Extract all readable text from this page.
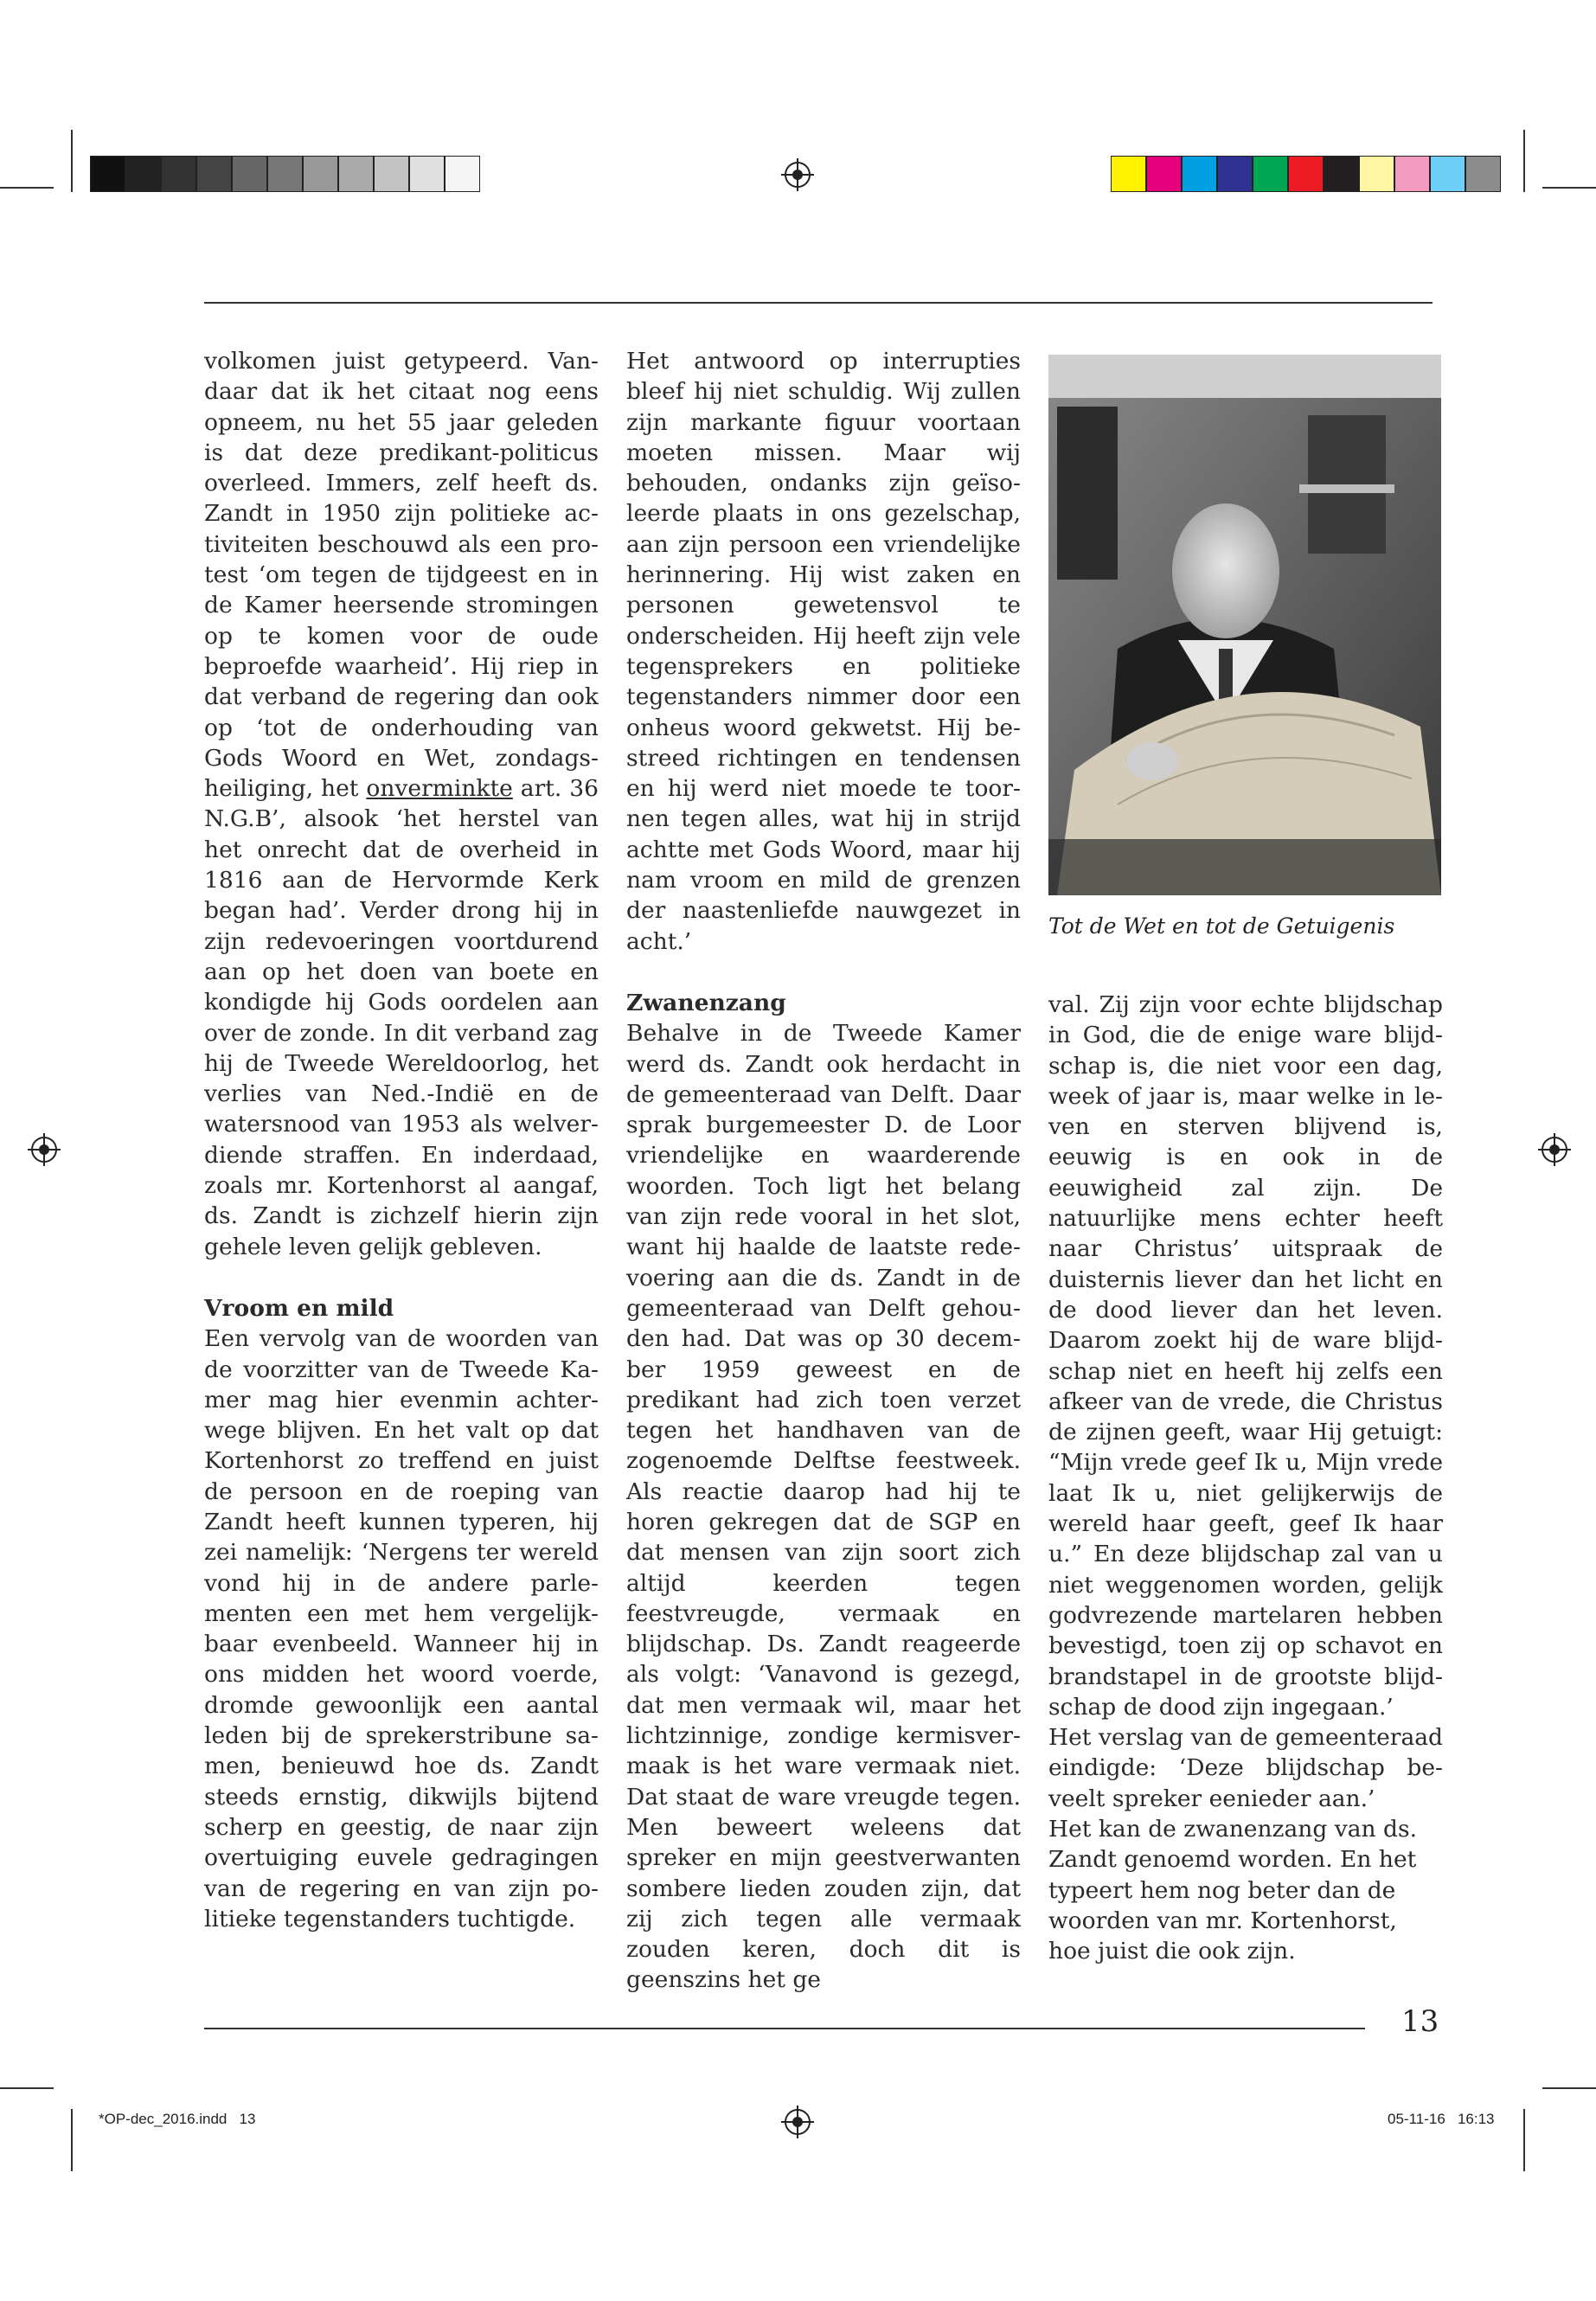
volkomen juist getypeerd. Vandaar dat ik het citaat nog eens opneem, nu het 55 jaar geleden is dat deze predikant-politicus overleed. Immers, zelf heeft ds. Zandt in 1950 zijn politieke activiteiten beschouwd als een protest ‘om tegen de tijdgeest en in de Kamer heersende stromingen op te komen voor de oude beproefde waarheid’. Hij riep in dat verband de regering dan ook op ‘tot de onderhouding van Gods Woord en Wet, zondagsheiliging, het onverminkte art. 36 N.G.B’, alsook ‘het herstel van het onrecht dat de overheid in 1816 aan de Hervormde Kerk began had’. Verder drong hij in zijn redevoeringen voortdurend aan op het doen van boete en kondigde hij Gods oordelen aan over de zonde. In dit verband zag hij de Tweede Wereldoorlog, het verlies van Ned.-Indië en de watersnood van 1953 als welverdiende straffen. En inderdaad, zoals mr. Kortenhorst al aangaf, ds. Zandt is zichzelf hierin zijn gehele leven gelijk gebleven.

Vroom en mild

Een vervolg van de woorden van de voorzitter van de Tweede Kamer mag hier evenmin achterwege blijven. En het valt op dat Kortenhorst zo treffend en juist de persoon en de roeping van Zandt heeft kunnen typeren, hij zei namelijk: ‘Nergens ter wereld vond hij in de andere parlementen een met hem vergelijkbaar evenbeeld. Wanneer hij in ons midden het woord voerde, dromde gewoonlijk een aantal leden bij de sprekerstribune samen, benieuwd hoe ds. Zandt steeds ernstig, dikwijls bijtend scherp en geestig, de naar zijn overtuiging euvele gedragingen van de regering en van zijn politieke tegenstanders tuchtigde.

Het antwoord op interrupties bleef hij niet schuldig. Wij zullen zijn markante figuur voortaan moeten missen. Maar wij behouden, ondanks zijn geïsoleerde plaats in ons gezelschap, aan zijn persoon een vriendelijke herinnering. Hij wist zaken en personen gewetensvol te onderscheiden. Hij heeft zijn vele tegensprekers en politieke tegenstanders nimmer door een onheus woord gekwetst. Hij bestreed richtingen en tendensen en hij werd niet moede te toornen tegen alles, wat hij in strijd achtte met Gods Woord, maar hij nam vroom en mild de grenzen der naastenliefde nauwgezet in acht.’

Zwanenzang

Behalve in de Tweede Kamer werd ds. Zandt ook herdacht in de gemeenteraad van Delft. Daar sprak burgemeester D. de Loor vriendelijke en waarderende woorden. Toch ligt het belang van zijn rede vooral in het slot, want hij haalde de laatste redevoering aan die ds. Zandt in de gemeenteraad van Delft gehouden had. Dat was op 30 december 1959 geweest en de predikant had zich toen verzet tegen het handhaven van de zogenoemde Delftse feestweek. Als reactie daarop had hij te horen gekregen dat de SGP en dat mensen van zijn soort zich altijd keerden tegen feestvreugde, vermaak en blijdschap. Ds. Zandt reageerde als volgt: ‘Vanavond is gezegd, dat men vermaak wil, maar het lichtzinnige, zondige kermisvermaak is het ware vermaak niet. Dat staat de ware vreugde tegen. Men beweert weleens dat spreker en mijn geestverwanten sombere lieden zouden zijn, dat zij zich tegen alle vermaak zouden keren, doch dit is geenszins het ge

Tot de Wet en tot de Getuigenis

val. Zij zijn voor echte blijdschap in God, die de enige ware blijdschap is, die niet voor een dag, week of jaar is, maar welke in leven en sterven blijvend is, eeuwig is en ook in de eeuwigheid zal zijn. De natuurlijke mens echter heeft naar Christus’ uitspraak de duisternis liever dan het licht en de dood liever dan het leven. Daarom zoekt hij de ware blijdschap niet en heeft hij zelfs een afkeer van de vrede, die Christus de zijnen geeft, waar Hij getuigt: “Mijn vrede geef Ik u, Mijn vrede laat Ik u, niet gelijkerwijs de wereld haar geeft, geef Ik haar u.” En deze blijdschap zal van u niet weggenomen worden, gelijk godvrezende martelaren hebben bevestigd, toen zij op schavot en brandstapel in de grootste blijdschap de dood zijn ingegaan.’

Het verslag van de gemeenteraad eindigde: ‘Deze blijdschap beveelt spreker eenieder aan.’

Het kan de zwanenzang van ds. Zandt genoemd worden. En het typeert hem nog beter dan de woorden van mr. Kortenhorst, hoe juist die ook zijn.

13
*OP-dec_2016.indd   13	05-11-16   16:13
